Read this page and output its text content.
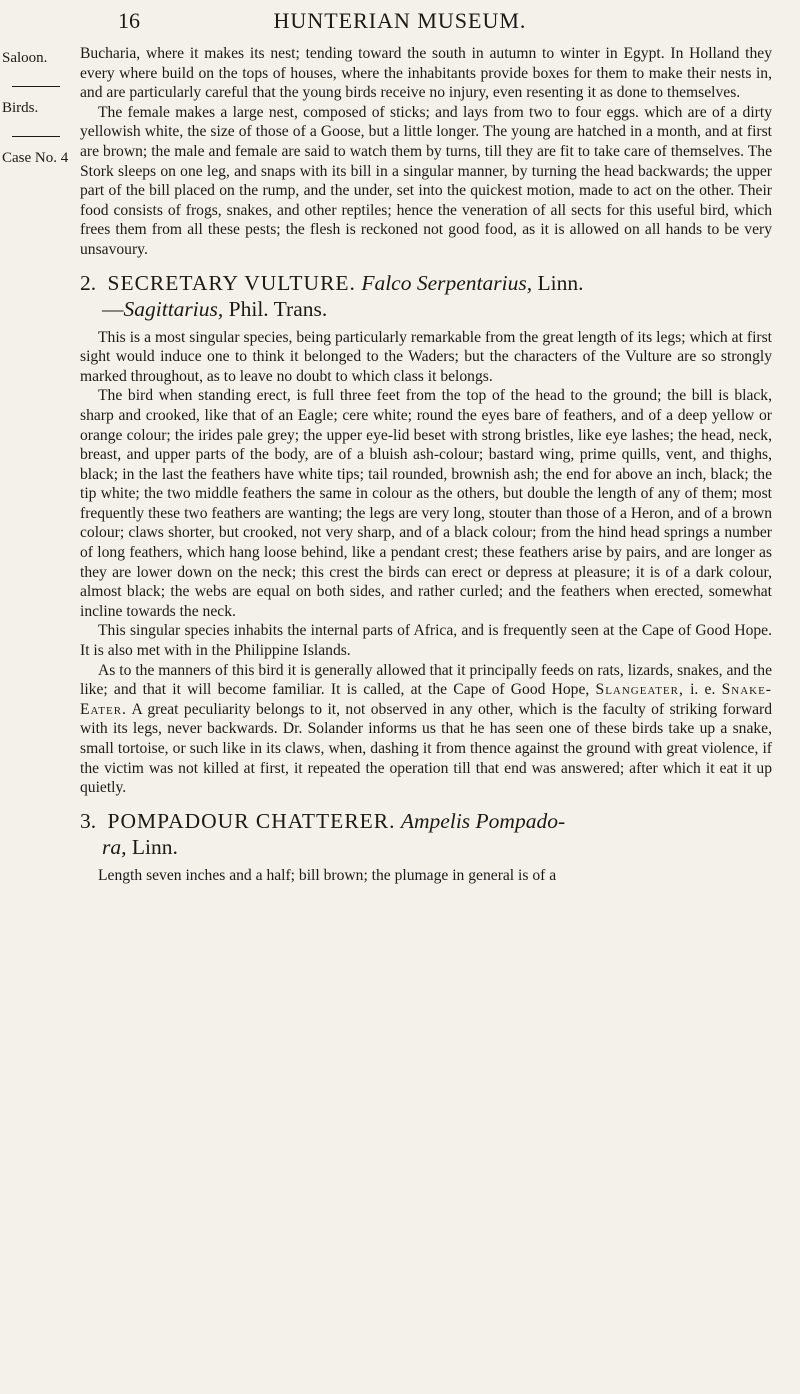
16	HUNTERIAN MUSEUM.
Saloon.
Birds.
Case No. 4

Bucharia, where it makes its nest; tending toward the south in autumn to winter in Egypt. In Holland they every where build on the tops of houses, where the inhabitants provide boxes for them to make their nests in, and are particularly careful that the young birds receive no injury, even resenting it as done to themselves.

The female makes a large nest, composed of sticks; and lays from two to four eggs. which are of a dirty yellowish white, the size of those of a Goose, but a little longer. The young are hatched in a month, and at first are brown; the male and female are said to watch them by turns, till they are fit to take care of themselves. The Stork sleeps on one leg, and snaps with its bill in a singular manner, by turning the head backwards; the upper part of the bill placed on the rump, and the under, set into the quickest motion, made to act on the other. Their food consists of frogs, snakes, and other reptiles; hence the veneration of all sects for this useful bird, which frees them from all these pests; the flesh is reckoned not good food, as it is allowed on all hands to be very unsavoury.

2. SECRETARY VULTURE. Falco Serpentarius, Linn.
—Sagittarius, Phil. Trans.

This is a most singular species, being particularly remarkable from the great length of its legs; which at first sight would induce one to think it belonged to the Waders; but the characters of the Vulture are so strongly marked throughout, as to leave no doubt to which class it belongs.

The bird when standing erect, is full three feet from the top of the head to the ground; the bill is black, sharp and crooked, like that of an Eagle; cere white; round the eyes bare of feathers, and of a deep yellow or orange colour; the irides pale grey; the upper eye-lid beset with strong bristles, like eye lashes; the head, neck, breast, and upper parts of the body, are of a bluish ash-colour; bastard wing, prime quills, vent, and thighs, black; in the last the feathers have white tips; tail rounded, brownish ash; the end for above an inch, black; the tip white; the two middle feathers the same in colour as the others, but double the length of any of them; most frequently these two feathers are wanting; the legs are very long, stouter than those of a Heron, and of a brown colour; claws shorter, but crooked, not very sharp, and of a black colour; from the hind head springs a number of long feathers, which hang loose behind, like a pendant crest; these feathers arise by pairs, and are longer as they are lower down on the neck; this crest the birds can erect or depress at pleasure; it is of a dark colour, almost black; the webs are equal on both sides, and rather curled; and the feathers when erected, somewhat incline towards the neck.

This singular species inhabits the internal parts of Africa, and is frequently seen at the Cape of Good Hope. It is also met with in the Philippine Islands.

As to the manners of this bird it is generally allowed that it principally feeds on rats, lizards, snakes, and the like; and that it will become familiar. It is called, at the Cape of Good Hope, Slangeater, i. e. Snake-Eater. A great peculiarity belongs to it, not observed in any other, which is the faculty of striking forward with its legs, never backwards. Dr. Solander informs us that he has seen one of these birds take up a snake, small tortoise, or such like in its claws, when, dashing it from thence against the ground with great violence, if the victim was not killed at first, it repeated the operation till that end was answered; after which it eat it up quietly.

3. POMPADOUR CHATTERER. Ampelis Pompado-
ra, Linn.

Length seven inches and a half; bill brown; the plumage in general is of a
